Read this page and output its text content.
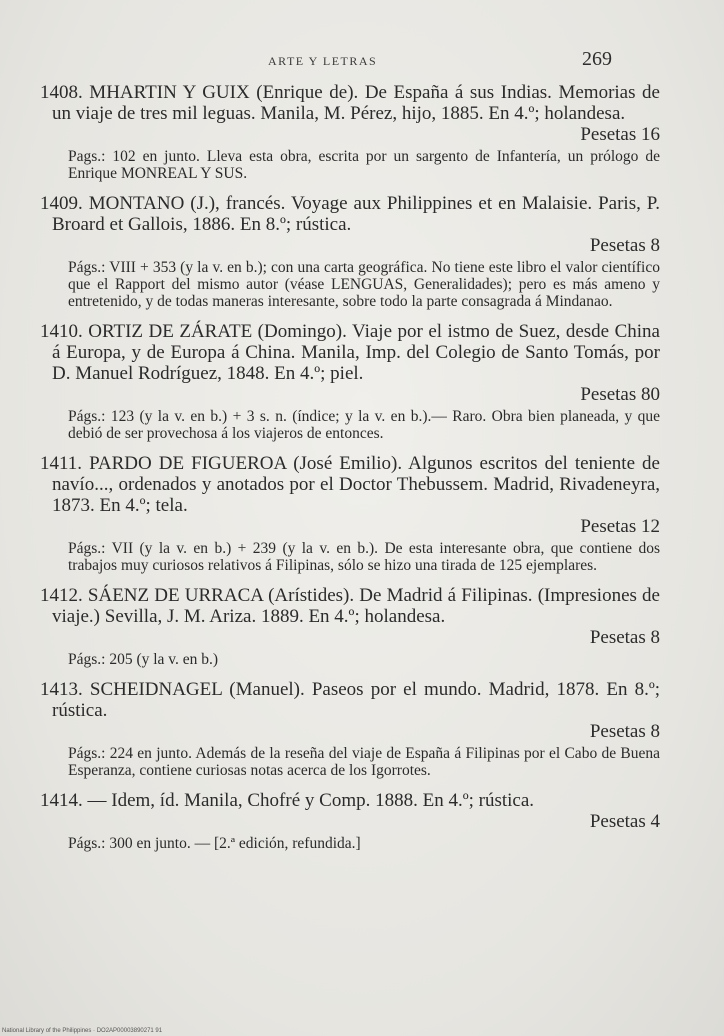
ARTE Y LETRAS	269

1408. MHARTIN Y GUIX (Enrique de). De España á sus Indias. Memorias de un viaje de tres mil leguas. Manila, M. Pérez, hijo, 1885. En 4.º; holandesa.

Pesetas 16

Pags.: 102 en junto. Lleva esta obra, escrita por un sargento de Infantería, un prólogo de Enrique MONREAL Y SUS.

1409. MONTANO (J.), francés. Voyage aux Philippines et en Malaisie. Paris, P. Broard et Gallois, 1886. En 8.º; rústica.

Pesetas 8

Págs.: VIII + 353 (y la v. en b.); con una carta geográfica. No tiene este libro el valor científico que el Rapport del mismo autor (véase LENGUAS, Generalidades); pero es más ameno y entretenido, y de todas maneras interesante, sobre todo la parte consagrada á Mindanao.

1410. ORTIZ DE ZÁRATE (Domingo). Viaje por el istmo de Suez, desde China á Europa, y de Europa á China. Manila, Imp. del Colegio de Santo Tomás, por D. Manuel Rodríguez, 1848. En 4.º; piel.

Pesetas 80

Págs.: 123 (y la v. en b.) + 3 s. n. (índice; y la v. en b.).— Raro. Obra bien planeada, y que debió de ser provechosa á los viajeros de entonces.

1411. PARDO DE FIGUEROA (José Emilio). Algunos escritos del teniente de navío..., ordenados y anotados por el Doctor Thebussem. Madrid, Rivadeneyra, 1873. En 4.º; tela.

Pesetas 12

Págs.: VII (y la v. en b.) + 239 (y la v. en b.). De esta interesante obra, que contiene dos trabajos muy curiosos relativos á Filipinas, sólo se hizo una tirada de 125 ejemplares.

1412. SÁENZ DE URRACA (Arístides). De Madrid á Filipinas. (Impresiones de viaje.) Sevilla, J. M. Ariza. 1889. En 4.º; holandesa.

Pesetas 8

Págs.: 205 (y la v. en b.)

1413. SCHEIDNAGEL (Manuel). Paseos por el mundo. Madrid, 1878. En 8.º; rústica.

Pesetas 8

Págs.: 224 en junto. Además de la reseña del viaje de España á Filipinas por el Cabo de Buena Esperanza, contiene curiosas notas acerca de los Igorrotes.

1414. — Idem, íd. Manila, Chofré y Comp. 1888. En 4.º; rústica.

Pesetas 4

Págs.: 300 en junto. — [2.ª edición, refundida.]

National Library of the Philippines · DO2AP00003890271 91
